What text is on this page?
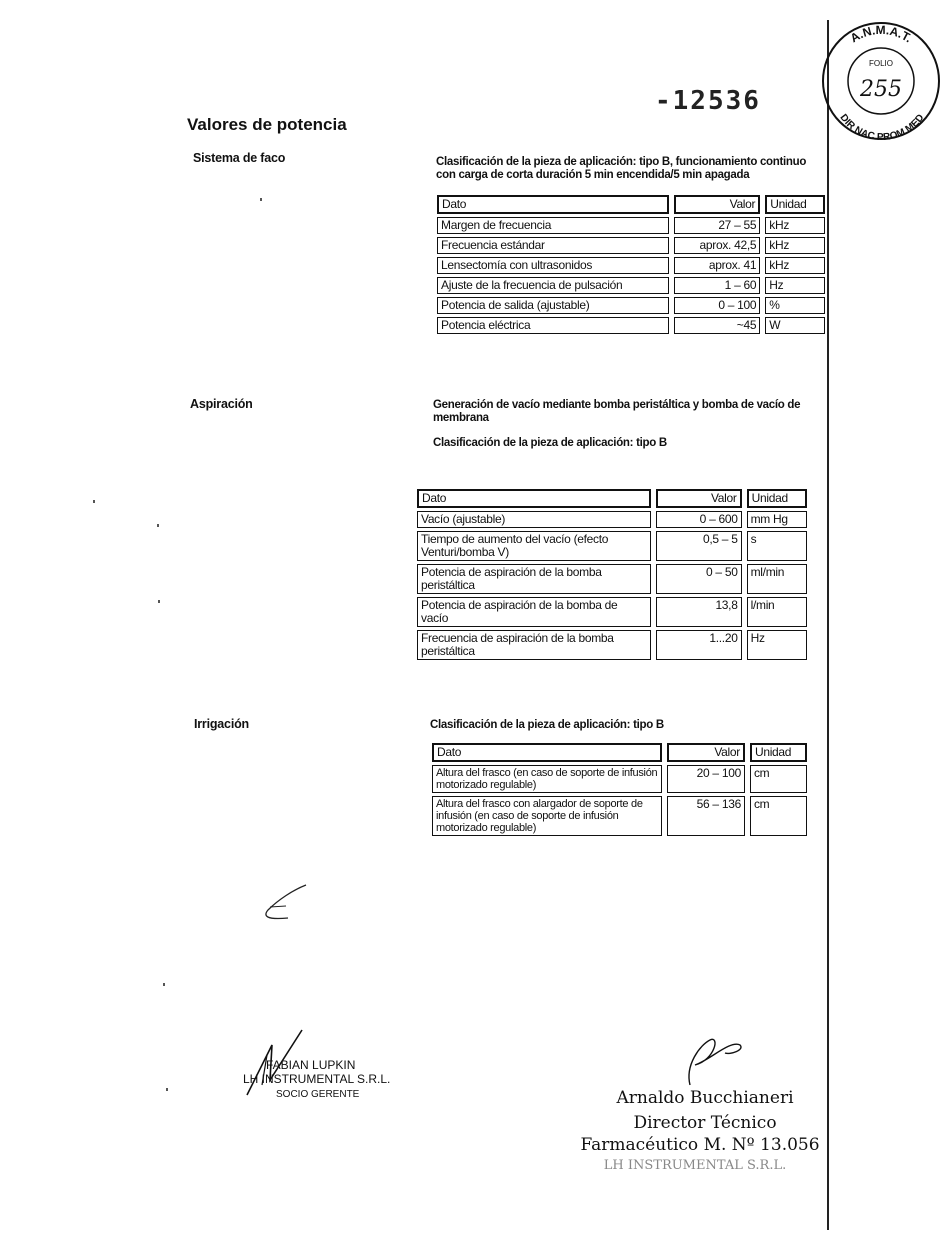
A.N.M.A.T.
DIR NAC PROM MED
FOLIO
255
-12536
Valores de potencia
Sistema de faco	Clasificación de la pieza de aplicación: tipo B, funcionamiento continuo con carga de corta duración 5 min encendida/5 min apagada
Dato	Valor	Unidad
Margen de frecuencia	27 – 55	kHz
Frecuencia estándar	aprox. 42,5	kHz
Lensectomía con ultrasonidos	aprox. 41	kHz
Ajuste de la frecuencia de pulsación	1 – 60	Hz
Potencia de salida (ajustable)	0 – 100	%
Potencia eléctrica	~45	W
Aspiración	Generación de vacío mediante bomba peristáltica y bomba de vacío de membrana
Clasificación de la pieza de aplicación: tipo B
Dato	Valor	Unidad
Vacío (ajustable)	0 – 600	mm Hg
Tiempo de aumento del vacío (efecto Venturi/bomba V)	0,5 – 5	s
Potencia de aspiración de la bomba peristáltica	0 – 50	ml/min
Potencia de aspiración de la bomba de vacío	13,8	l/min
Frecuencia de aspiración de la bomba peristáltica	1...20	Hz
Irrigación	Clasificación de la pieza de aplicación: tipo B
Dato	Valor	Unidad
Altura del frasco (en caso de soporte de infusión motorizado regulable)	20 – 100	cm
Altura del frasco con alargador de soporte de infusión (en caso de soporte de infusión motorizado regulable)	56 – 136	cm
FABIAN LUPKIN
LH INSTRUMENTAL S.R.L.
SOCIO GERENTE	Arnaldo Bucchianeri
Director Técnico
Farmacéutico M. Nº 13.056
LH INSTRUMENTAL S.R.L.
